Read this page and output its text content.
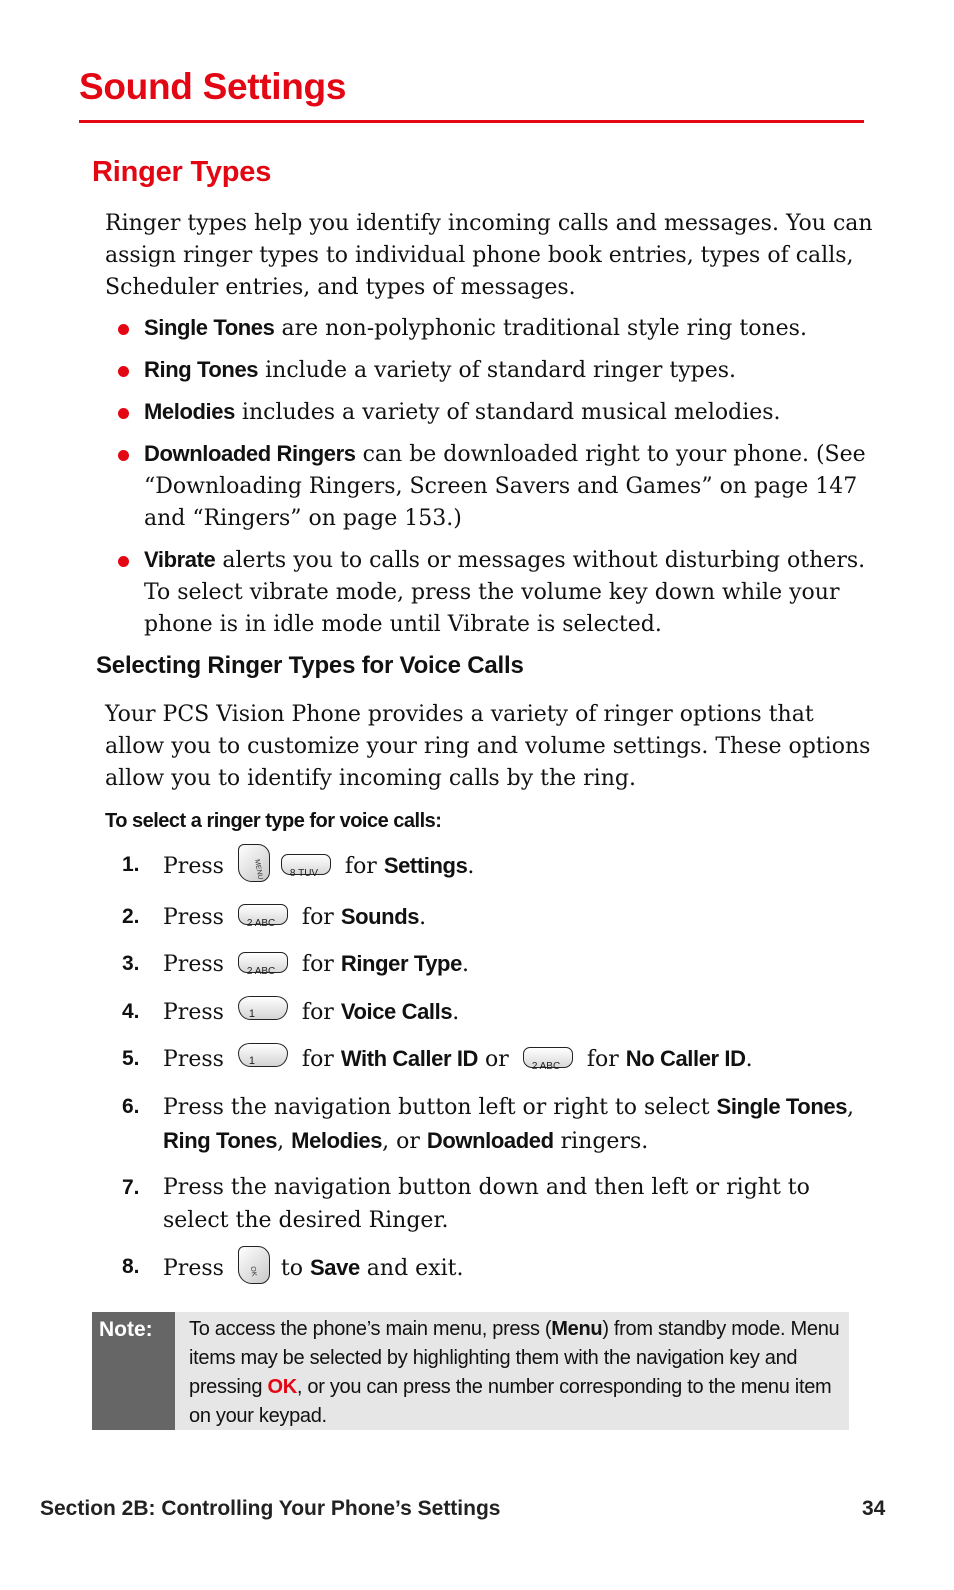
Sound Settings
Ringer Types
Ringer types help you identify incoming calls and messages. You can assign ringer types to individual phone book entries, types of calls, Scheduler entries, and types of messages.
Single Tones are non-polyphonic traditional style ring tones.
Ring Tones include a variety of standard ringer types.
Melodies includes a variety of standard musical melodies.
Downloaded Ringers can be downloaded right to your phone. (See “Downloading Ringers, Screen Savers and Games” on page 147 and “Ringers” on page 153.)
Vibrate alerts you to calls or messages without disturbing others. To select vibrate mode, press the volume key down while your phone is in idle mode until Vibrate is selected.
Selecting Ringer Types for Voice Calls
Your PCS Vision Phone provides a variety of ringer options that allow you to customize your ring and volume settings. These options allow you to identify incoming calls by the ring.
To select a ringer type for voice calls:
1. Press	MENU	8 TUV for Settings.
2. Press 2 ABC for Sounds.
3. Press 2 ABC for Ringer Type.
4. Press 1 for Voice Calls.
5. Press 1 for With Caller ID or 2 ABC for No Caller ID.
6. Press the navigation button left or right to select Single Tones, Ring Tones, Melodies, or Downloaded ringers.
7. Press the navigation button down and then left or right to select the desired Ringer.
8. Press	OK	to Save and exit.
Note: To access the phone’s main menu, press (Menu) from standby mode. Menu items may be selected by highlighting them with the navigation key and pressing OK, or you can press the number corresponding to the menu item on your keypad.
Section 2B: Controlling Your Phone’s Settings	34
